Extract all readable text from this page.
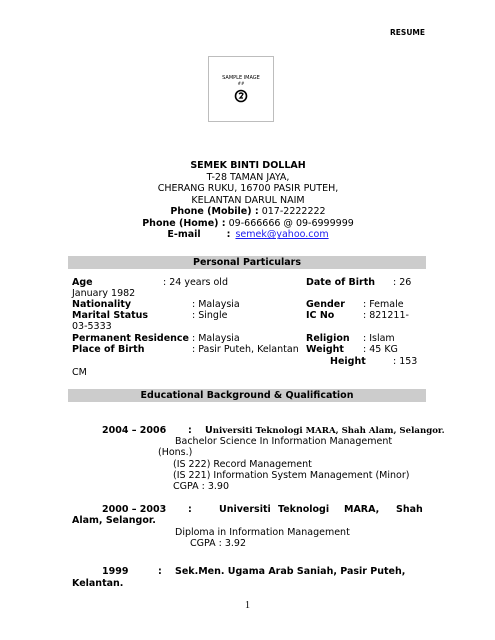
RESUME
SAMPLE IMAGE
##
SEMEK BINTI DOLLAH
T-28 TAMAN JAYA,
CHERANG RUKU, 16700 PASIR PUTEH,
KELANTAN DARUL NAIM
Phone (Mobile) : 017-2222222
Phone (Home) : 09-666666 @ 09-6999999
E-mail	: semek@yahoo.com
Personal Particulars
Age	: 24 years old	Date of Birth : 26
January 1982
Nationality	: Malaysia	Gender : Female
Marital Status	: Single	IC No	: 821211-
03-5333
Permanent Residence : Malaysia	Religion : Islam
Place of Birth	: Pasir Puteh, Kelantan Weight : 45 KG
Height	: 153
CM
Educational Background & Qualification
2004 – 2006 : Universiti Teknologi MARA, Shah Alam, Selangor.
Bachelor Science In Information Management
(Hons.)
(IS 222) Record Management
(IS 221) Information System Management (Minor)
CGPA : 3.90
2000 – 2003 :	Universiti Teknologi MARA, Shah
Alam, Selangor.
Diploma in Information Management
CGPA : 3.92
1999	: Sek.Men. Ugama Arab Saniah, Pasir Puteh,
Kelantan.
1
